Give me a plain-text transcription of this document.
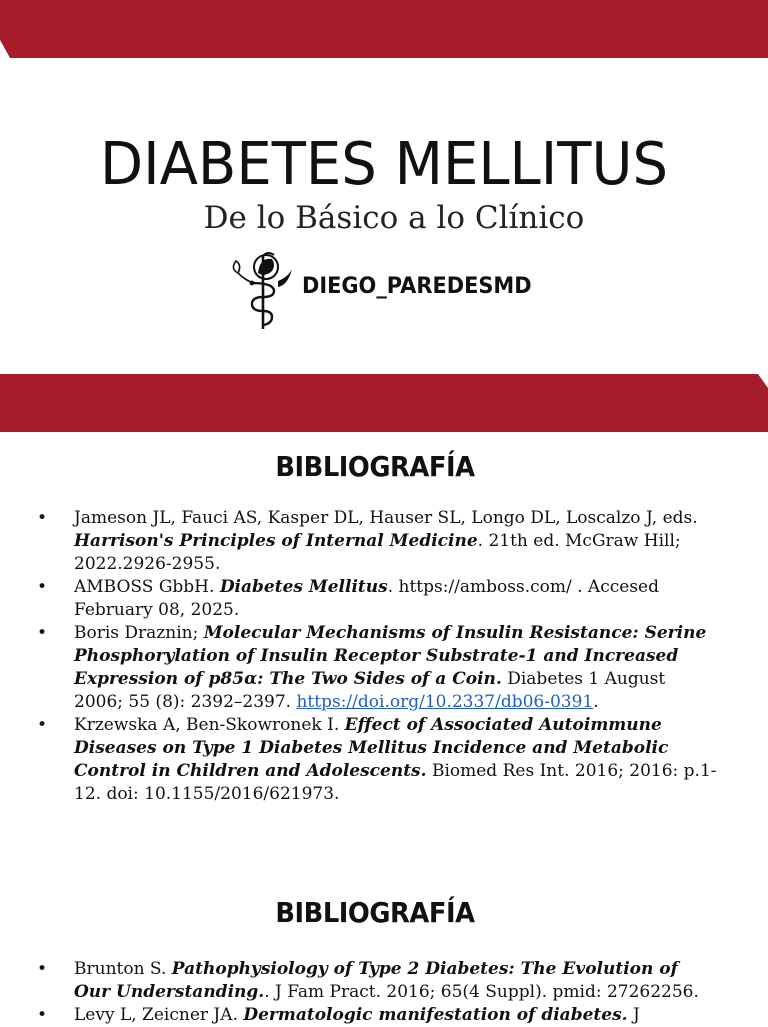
DIABETES MELLITUS
De lo Básico a lo Clínico
DIEGO_PAREDESMD
BIBLIOGRAFÍA
• Jameson JL, Fauci AS, Kasper DL, Hauser SL, Longo DL, Loscalzo J, eds. Harrison's Principles of Internal Medicine. 21th ed. McGraw Hill; 2022.2926-2955.
• AMBOSS GbbH. Diabetes Mellitus. https://amboss.com/ . Accesed February 08, 2025.
• Boris Draznin; Molecular Mechanisms of Insulin Resistance: Serine Phosphorylation of Insulin Receptor Substrate-1 and Increased Expression of p85α: The Two Sides of a Coin. Diabetes 1 August 2006; 55 (8): 2392–2397. https://doi.org/10.2337/db06-0391.
• Krzewska A, Ben-Skowronek I. Effect of Associated Autoimmune Diseases on Type 1 Diabetes Mellitus Incidence and Metabolic Control in Children and Adolescents. Biomed Res Int. 2016; 2016: p.1-12. doi: 10.1155/2016/621973.
BIBLIOGRAFÍA
• Brunton S. Pathophysiology of Type 2 Diabetes: The Evolution of Our Understanding.. J Fam Pract. 2016; 65(4 Suppl). pmid: 27262256.
• Levy L, Zeicner JA. Dermatologic manifestation of diabetes. J
